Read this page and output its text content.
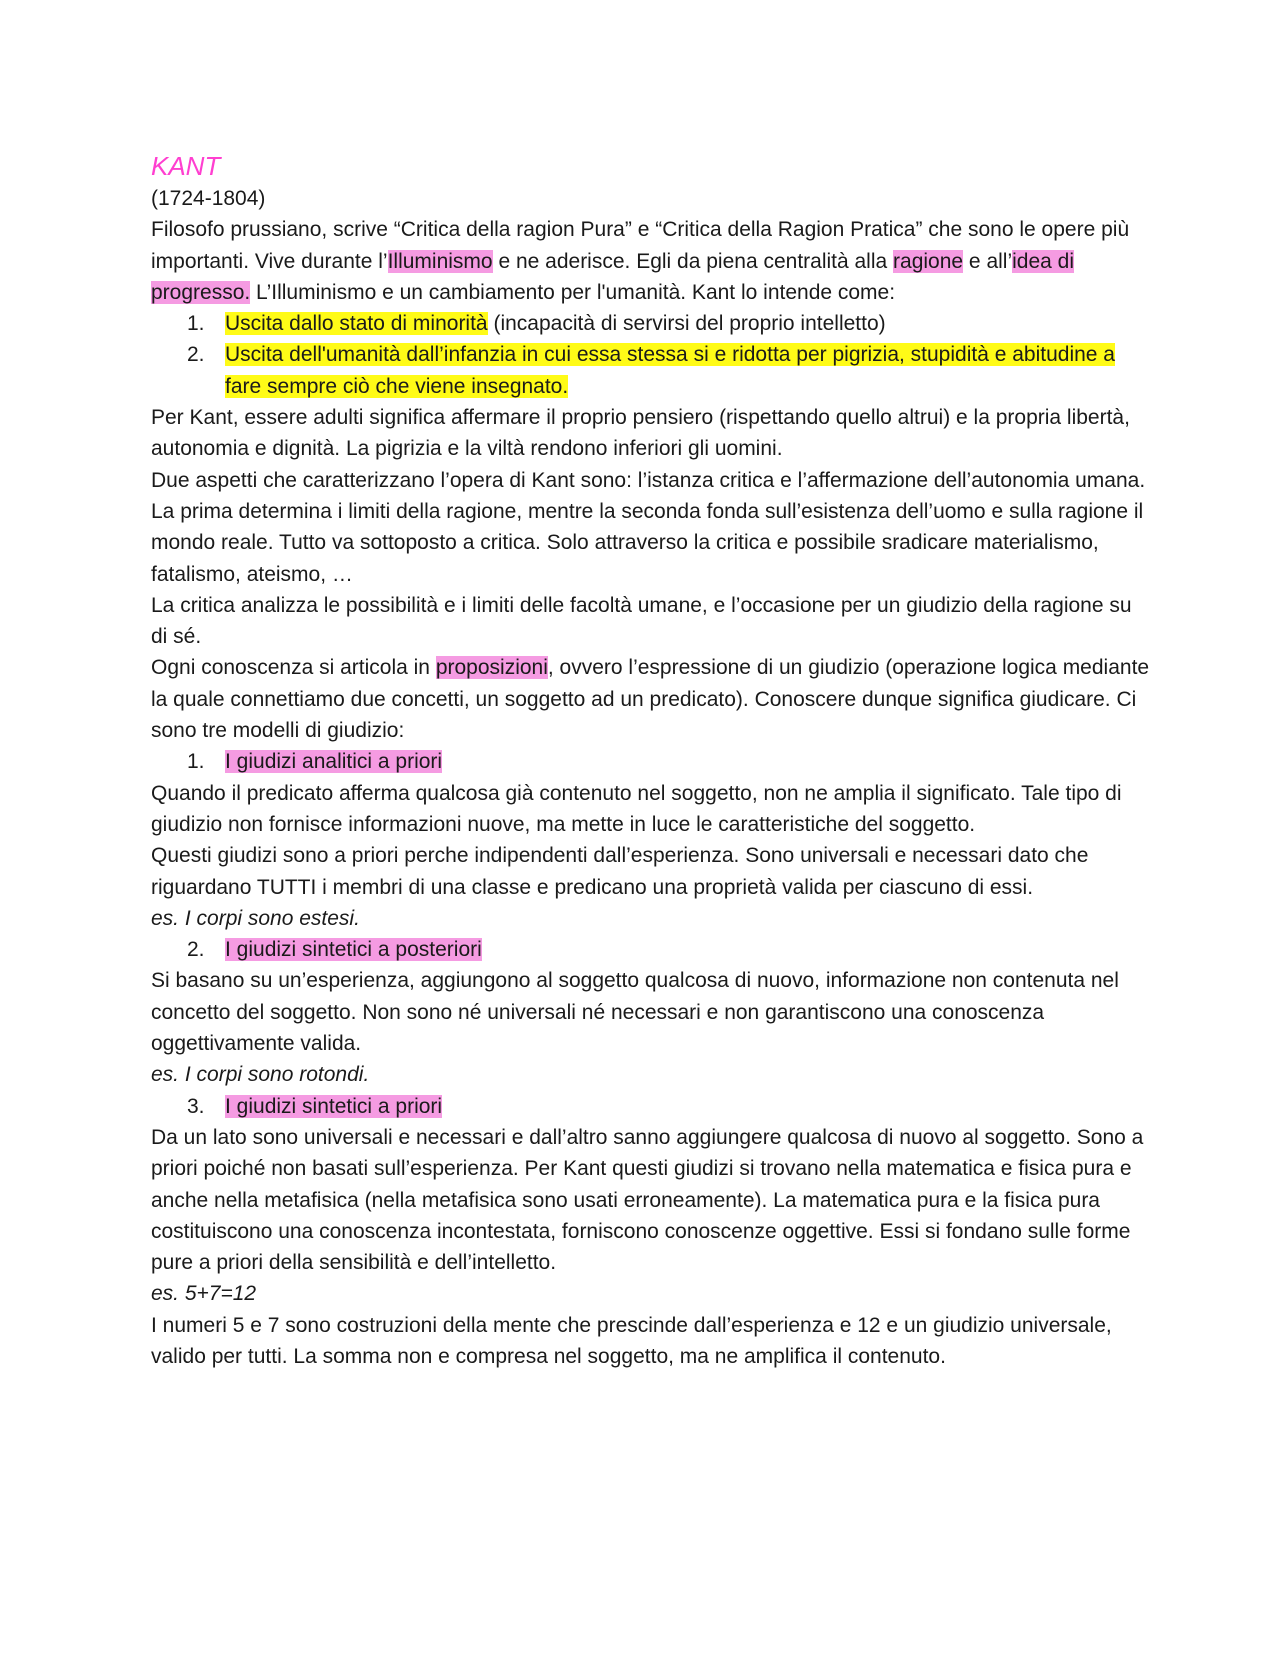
KANT

(1724-1804)

Filosofo prussiano, scrive “Critica della ragion Pura” e “Critica della Ragion Pratica” che sono le opere più importanti. Vive durante l’Illuminismo e ne aderisce. Egli da piena centralità alla ragione e all’idea di progresso. L’Illuminismo e un cambiamento per l'umanità. Kant lo intende come:

1. Uscita dallo stato di minorità (incapacità di servirsi del proprio intelletto)
2. Uscita dell'umanità dall’infanzia in cui essa stessa si e ridotta per pigrizia, stupidità e abitudine a fare sempre ciò che viene insegnato.

Per Kant, essere adulti significa affermare il proprio pensiero (rispettando quello altrui) e la propria libertà, autonomia e dignità. La pigrizia e la viltà rendono inferiori gli uomini.

Due aspetti che caratterizzano l’opera di Kant sono: l’istanza critica e l’affermazione dell’autonomia umana. La prima determina i limiti della ragione, mentre la seconda fonda sull’esistenza dell’uomo e sulla ragione il mondo reale. Tutto va sottoposto a critica. Solo attraverso la critica e possibile sradicare materialismo, fatalismo, ateismo, …

La critica analizza le possibilità e i limiti delle facoltà umane, e l’occasione per un giudizio della ragione su di sé.

Ogni conoscenza si articola in proposizioni, ovvero l’espressione di un giudizio (operazione logica mediante la quale connettiamo due concetti, un soggetto ad un predicato). Conoscere dunque significa giudicare. Ci sono tre modelli di giudizio:

1. I giudizi analitici a priori

Quando il predicato afferma qualcosa già contenuto nel soggetto, non ne amplia il significato. Tale tipo di giudizio non fornisce informazioni nuove, ma mette in luce le caratteristiche del soggetto.

Questi giudizi sono a priori perche indipendenti dall’esperienza. Sono universali e necessari dato che riguardano TUTTI i membri di una classe e predicano una proprietà valida per ciascuno di essi.

es. I corpi sono estesi.

2. I giudizi sintetici a posteriori

Si basano su un’esperienza, aggiungono al soggetto qualcosa di nuovo, informazione non contenuta nel concetto del soggetto. Non sono né universali né necessari e non garantiscono una conoscenza oggettivamente valida.

es. I corpi sono rotondi.

3. I giudizi sintetici a priori

Da un lato sono universali e necessari e dall’altro sanno aggiungere qualcosa di nuovo al soggetto. Sono a priori poiché non basati sull’esperienza. Per Kant questi giudizi si trovano nella matematica e fisica pura e anche nella metafisica (nella metafisica sono usati erroneamente). La matematica pura e la fisica pura costituiscono una conoscenza incontestata, forniscono conoscenze oggettive. Essi si fondano sulle forme pure a priori della sensibilità e dell’intelletto.

es. 5+7=12

I numeri 5 e 7 sono costruzioni della mente che prescinde dall’esperienza e 12 e un giudizio universale, valido per tutti. La somma non e compresa nel soggetto, ma ne amplifica il contenuto.
